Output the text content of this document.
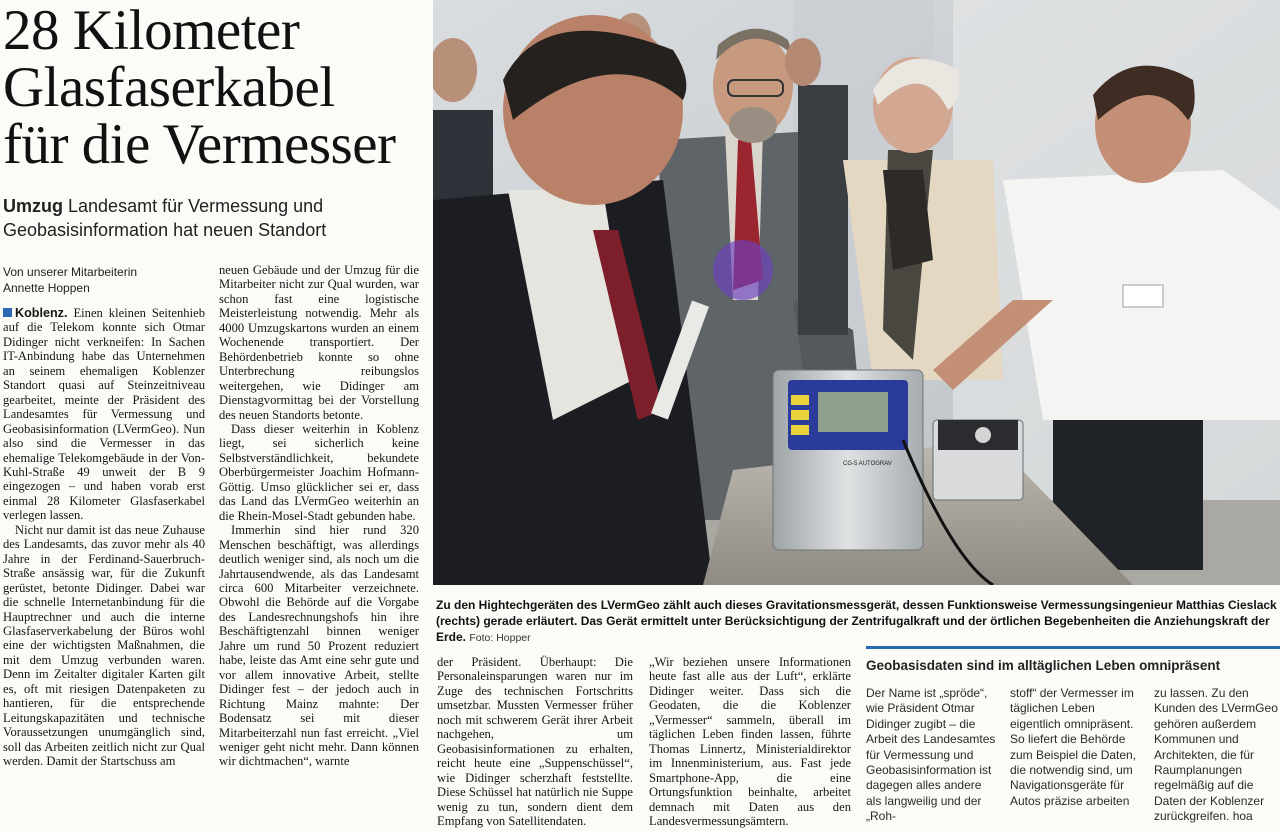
28 Kilometer
Glasfaserkabel
für die Vermesser
Umzug Landesamt für Vermessung und
Geobasisinformation hat neuen Standort
Von unserer Mitarbeiterin
Annette Hoppen

Koblenz. Einen kleinen Seitenhieb auf die Telekom konnte sich Otmar Didinger nicht verkneifen: In Sachen IT-Anbindung habe das Unternehmen an seinem ehemaligen Koblenzer Standort quasi auf Steinzeitniveau gearbeitet, meinte der Präsident des Landesamtes für Vermessung und Geobasisinformation (LVermGeo). Nun also sind die Vermesser in das ehemalige Telekomgebäude in der Von-Kuhl-Straße 49 unweit der B 9 eingezogen – und haben vorab erst einmal 28 Kilometer Glasfaserkabel verlegen lassen.

Nicht nur damit ist das neue Zuhause des Landesamts, das zuvor mehr als 40 Jahre in der Ferdinand-Sauerbruch-Straße ansässig war, für die Zukunft gerüstet, betonte Didinger. Dabei war die schnelle Internetanbindung für die Hauptrechner und auch die interne Glasfaserverkabelung der Büros wohl eine der wichtigsten Maßnahmen, die mit dem Umzug verbunden waren. Denn im Zeitalter digitaler Karten gilt es, oft mit riesigen Datenpaketen zu hantieren, für die entsprechende Leitungskapazitäten und technische Voraussetzungen unumgänglich sind, soll das Arbeiten zeitlich nicht zur Qual werden. Damit der Startschuss am

neuen Gebäude und der Umzug für die Mitarbeiter nicht zur Qual wurden, war schon fast eine logistische Meisterleistung notwendig. Mehr als 4000 Umzugskartons wurden an einem Wochenende transportiert. Der Behördenbetrieb konnte so ohne Unterbrechung reibungslos weitergehen, wie Didinger am Dienstagvormittag bei der Vorstellung des neuen Standorts betonte.

Dass dieser weiterhin in Koblenz liegt, sei sicherlich keine Selbstverständlichkeit, bekundete Oberbürgermeister Joachim Hofmann-Göttig. Umso glücklicher sei er, dass das Land das LVermGeo weiterhin an die Rhein-Mosel-Stadt gebunden habe.

Immerhin sind hier rund 320 Menschen beschäftigt, was allerdings deutlich weniger sind, als noch um die Jahrtausendwende, als das Landesamt circa 600 Mitarbeiter verzeichnete. Obwohl die Behörde auf die Vorgabe des Landesrechnungshofs hin ihre Beschäftigtenzahl binnen weniger Jahre um rund 50 Prozent reduziert habe, leiste das Amt eine sehr gute und vor allem innovative Arbeit, stellte Didinger fest – der jedoch auch in Richtung Mainz mahnte: Der Bodensatz sei mit dieser Mitarbeiterzahl nun fast erreicht. „Viel weniger geht nicht mehr. Dann können wir dichtmachen“, warnte

der Präsident. Überhaupt: Die Personaleinsparungen waren nur im Zuge des technischen Fortschritts umsetzbar. Mussten Vermesser früher noch mit schwerem Gerät ihrer Arbeit nachgehen, um Geobasisinformationen zu erhalten, reicht heute eine „Suppenschüssel“, wie Didinger scherzhaft feststellte. Diese Schüssel hat natürlich nie Suppe wenig zu tun, sondern dient dem Empfang von Satellitendaten.

„Wir beziehen unsere Informationen heute fast alle aus der Luft“, erklärte Didinger weiter. Dass sich die Geodaten, die die Koblenzer „Vermesser“ sammeln, überall im täglichen Leben finden lassen, führte Thomas Linnertz, Ministerialdirektor im Innenministerium, aus. Fast jede Smartphone-App, die eine Ortungsfunktion beinhalte, arbeitet demnach mit Daten aus den Landesvermessungsämtern.

CG-5 AUTOGRAV
Zu den Hightechgeräten des LVermGeo zählt auch dieses Gravitationsmessgerät, dessen Funktionsweise Vermessungsingenieur Matthias Cieslack (rechts) gerade erläutert. Das Gerät ermittelt unter Berücksichtigung der Zentrifugalkraft und der örtlichen Begebenheiten die Anziehungskraft der Erde. Foto: Hopper
Geobasisdaten sind im alltäglichen Leben omnipräsent
Der Name ist „spröde“, wie Präsident Otmar Didinger zugibt – die Arbeit des Landesamtes für Vermessung und Geobasisinformation ist dagegen alles andere als langweilig und der „Roh-
stoff“ der Vermesser im täglichen Leben eigentlich omnipräsent. So liefert die Behörde zum Beispiel die Daten, die notwendig sind, um Navigationsgeräte für Autos präzise arbeiten
zu lassen. Zu den Kunden des LVermGeo gehören außerdem Kommunen und Architekten, die für Raumplanungen regelmäßig auf die Daten der Koblenzer zurückgreifen. hoa
